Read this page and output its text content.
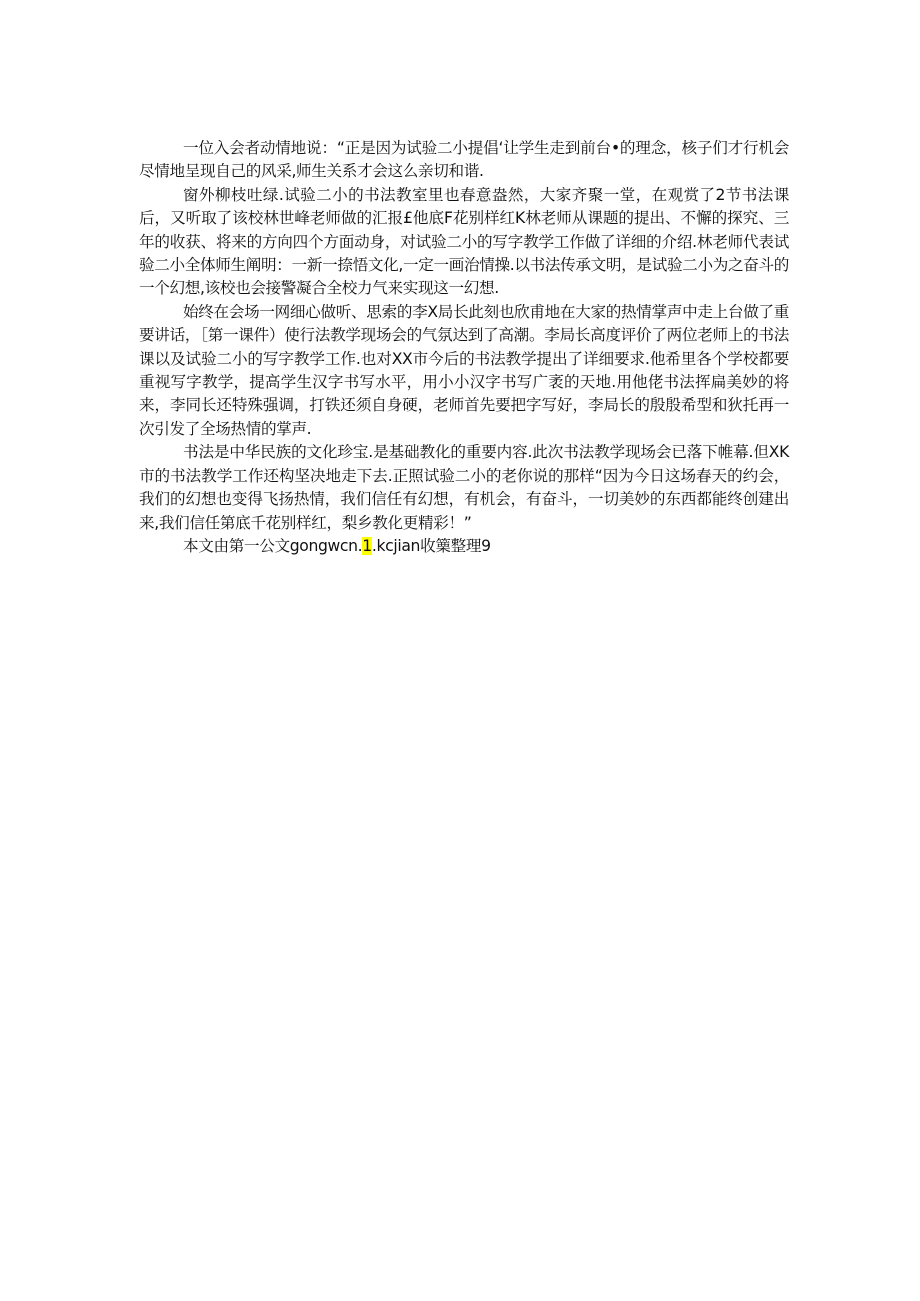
一位入会者动情地说：“正是因为试验二小提倡‘让学生走到前台•的理念，核子们才行机会尽情地呈现自己的风采,师生关系才会这么亲切和谐.

窗外柳枝吐绿.试验二小的书法教室里也春意盎然，大家齐聚一堂，在观赏了2节书法课后，又听取了该校林世峰老师做的汇报£他底F花别样红K林老师从课题的提出、不懈的探究、三年的收获、将来的方向四个方面动身，对试验二小的写字教学工作做了详细的介绍.林老师代表试验二小全体师生阐明：一新一捺悟文化,一定一画治情操.以书法传承文明，是试验二小为之奋斗的一个幻想,该校也会接警凝合全校力气来实现这一幻想.

始终在会场一网细心做听、思索的李X局长此刻也欣甫地在大家的热情掌声中走上台做了重要讲话，［第一课件）使行法教学现场会的气氛达到了高潮。李局长高度评价了两位老师上的书法课以及试验二小的写字教学工作.也对XX市今后的书法教学提出了详细要求.他希里各个学校都要重视写字教学，提高学生汉字书写水平，用小小汉字书写广袤的天地.用他佬书法挥扁美妙的将来，李同长还特殊强调，打铁还须自身硬，老师首先要把字写好，李局长的殷殷希型和狄托再一次引发了全场热情的掌声.

书法是中华民族的文化珍宝.是基础教化的重要内容.此次书法教学现场会已落下帷幕.但XK市的书法教学工作还构坚决地走下去.正照试验二小的老你说的那样“因为今日这场春天的约会，我们的幻想也变得飞扬热情，我们信任有幻想，有机会，有奋斗，一切美妙的东西都能终创建出来,我们信任第底千花别样红，梨乡教化更精彩！”

本文由第一公文gongwcn.1.kcjian收篥整理9
